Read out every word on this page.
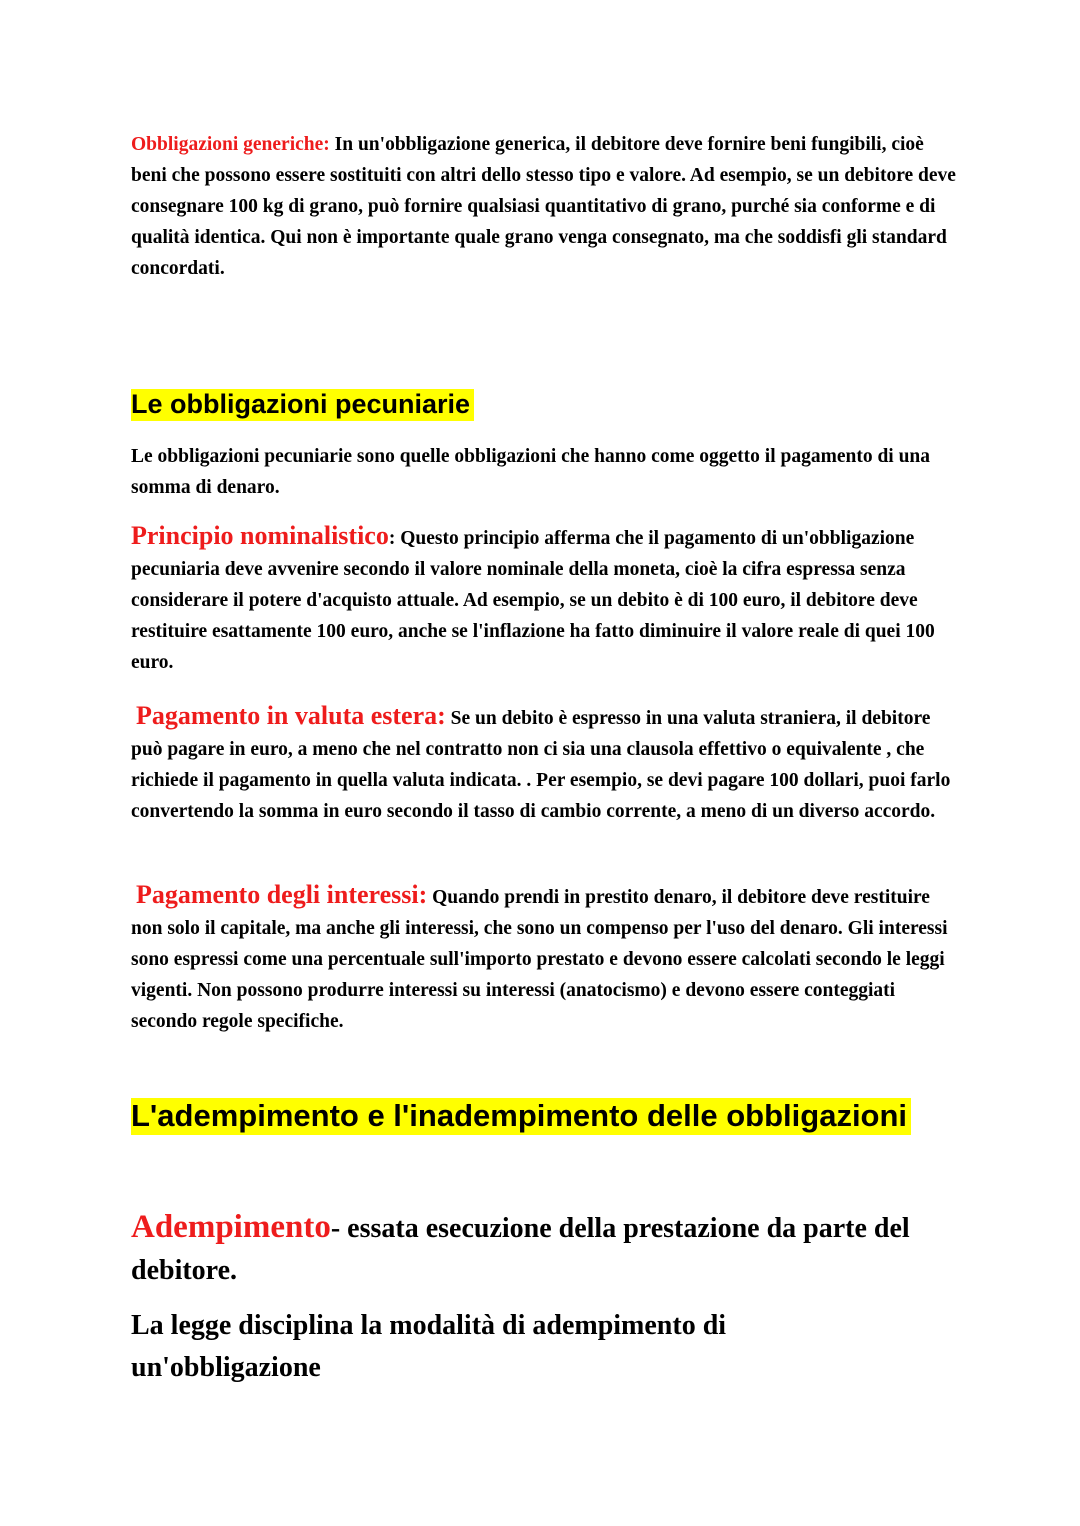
Obbligazioni generiche: In un'obbligazione generica, il debitore deve fornire beni fungibili, cioè beni che possono essere sostituiti con altri dello stesso tipo e valore. Ad esempio, se un debitore deve consegnare 100 kg di grano, può fornire qualsiasi quantitativo di grano, purché sia conforme e di qualità identica. Qui non è importante quale grano venga consegnato, ma che soddisfi gli standard concordati.

Le obbligazioni pecuniarie

Le obbligazioni pecuniarie sono quelle obbligazioni che hanno come oggetto il pagamento di una somma di denaro.

Principio nominalistico: Questo principio afferma che il pagamento di un'obbligazione pecuniaria deve avvenire secondo il valore nominale della moneta, cioè la cifra espressa senza considerare il potere d'acquisto attuale. Ad esempio, se un debito è di 100 euro, il debitore deve restituire esattamente 100 euro, anche se l'inflazione ha fatto diminuire il valore reale di quei 100 euro.

Pagamento in valuta estera: Se un debito è espresso in una valuta straniera, il debitore può pagare in euro, a meno che nel contratto non ci sia una clausola effettivo o equivalente , che richiede il pagamento in quella valuta indicata. . Per esempio, se devi pagare 100 dollari, puoi farlo convertendo la somma in euro secondo il tasso di cambio corrente, a meno di un diverso accordo.

Pagamento degli interessi: Quando prendi in prestito denaro, il debitore deve restituire non solo il capitale, ma anche gli interessi, che sono un compenso per l'uso del denaro. Gli interessi sono espressi come una percentuale sull'importo prestato e devono essere calcolati secondo le leggi vigenti. Non possono produrre interessi su interessi (anatocismo) e devono essere conteggiati secondo regole specifiche.

L'adempimento e l'inadempimento delle obbligazioni

Adempimento- essata esecuzione della prestazione da parte del debitore.

La legge disciplina la modalità di adempimento di un'obbligazione
